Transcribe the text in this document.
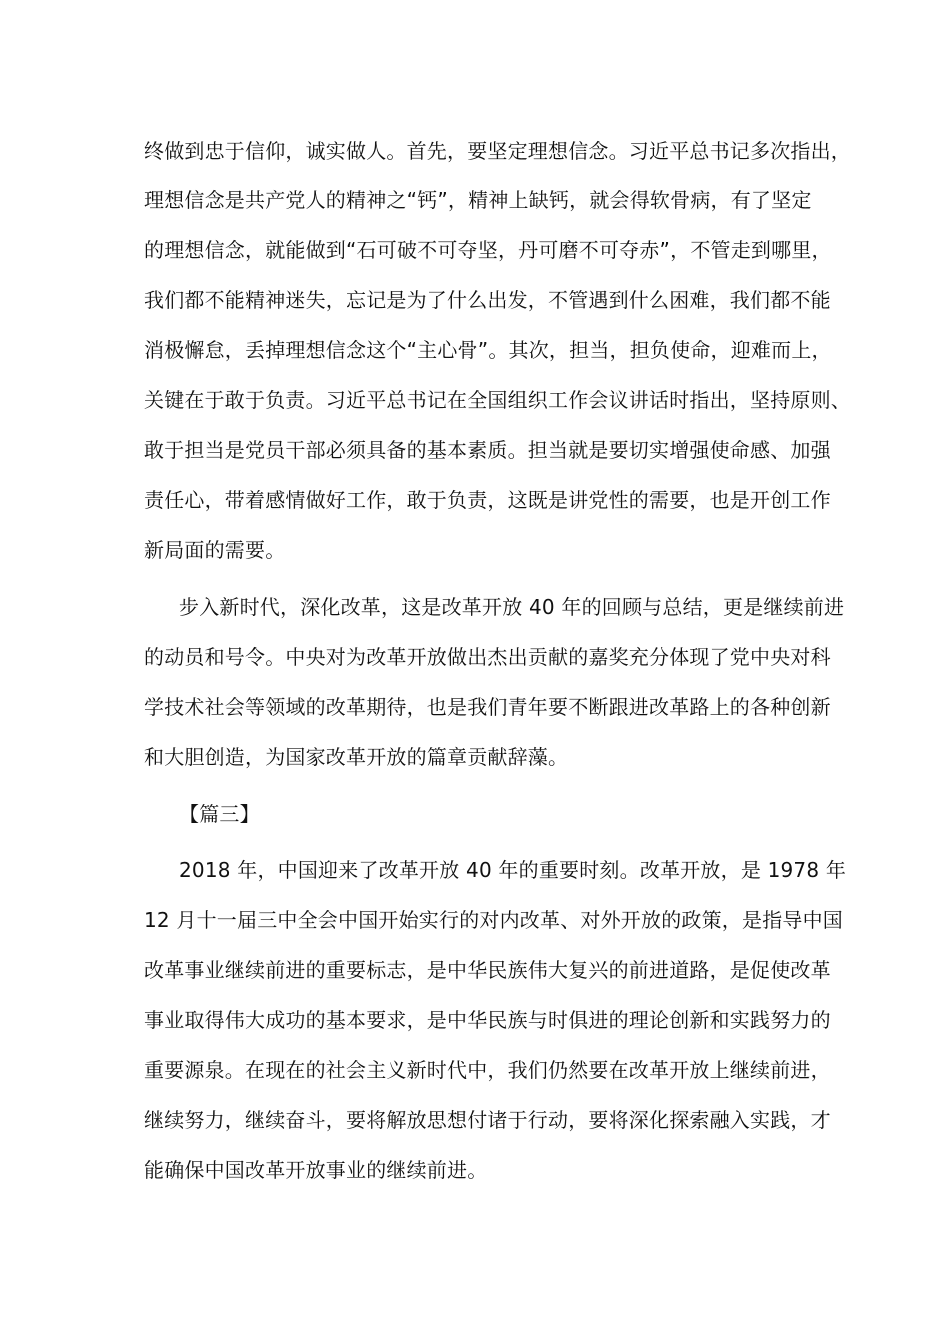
终做到忠于信仰，诚实做人。首先，要坚定理想信念。习近平总书记多次指出，
理想信念是共产党人的精神之“钙”，精神上缺钙，就会得软骨病，有了坚定
的理想信念，就能做到“石可破不可夺坚，丹可磨不可夺赤”，不管走到哪里，
我们都不能精神迷失，忘记是为了什么出发，不管遇到什么困难，我们都不能
消极懈怠，丢掉理想信念这个“主心骨”。其次，担当，担负使命，迎难而上，
关键在于敢于负责。习近平总书记在全国组织工作会议讲话时指出，坚持原则、
敢于担当是党员干部必须具备的基本素质。担当就是要切实增强使命感、加强
责任心，带着感情做好工作，敢于负责，这既是讲党性的需要，也是开创工作
新局面的需要。
步入新时代，深化改革，这是改革开放 40 年的回顾与总结，更是继续前进
的动员和号令。中央对为改革开放做出杰出贡献的嘉奖充分体现了党中央对科
学技术社会等领域的改革期待，也是我们青年要不断跟进改革路上的各种创新
和大胆创造，为国家改革开放的篇章贡献辞藻。
【篇三】
2018 年，中国迎来了改革开放 40 年的重要时刻。改革开放，是 1978 年
12 月十一届三中全会中国开始实行的对内改革、对外开放的政策，是指导中国
改革事业继续前进的重要标志，是中华民族伟大复兴的前进道路，是促使改革
事业取得伟大成功的基本要求，是中华民族与时俱进的理论创新和实践努力的
重要源泉。在现在的社会主义新时代中，我们仍然要在改革开放上继续前进，
继续努力，继续奋斗，要将解放思想付诸于行动，要将深化探索融入实践，才
能确保中国改革开放事业的继续前进。
